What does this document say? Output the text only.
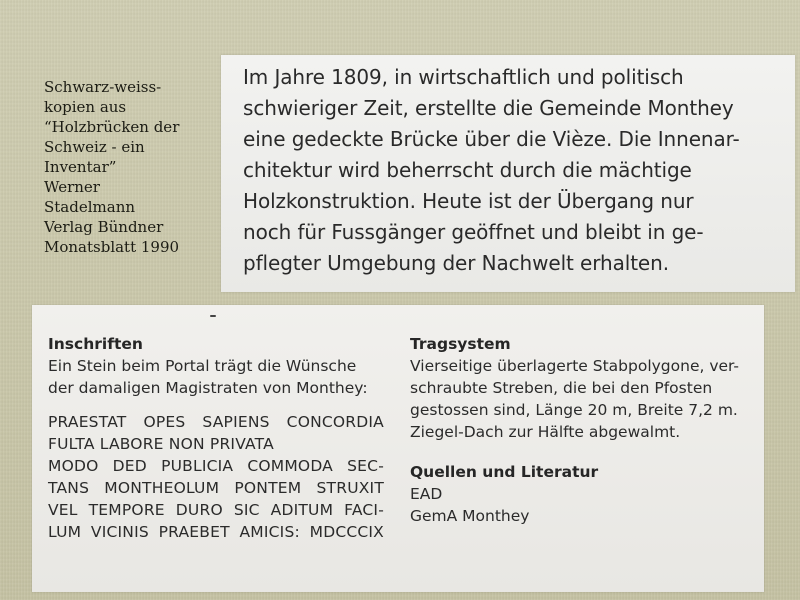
Schwarz-weiss-
kopien aus
“Holzbrücken der
Schweiz - ein
Inventar”
Werner
Stadelmann
Verlag Bündner
Monatsblatt 1990
Im Jahre 1809, in wirtschaftlich und politisch
schwieriger Zeit, erstellte die Gemeinde Monthey
eine gedeckte Brücke über die Vièze. Die Innenar-
chitektur wird beherrscht durch die mächtige
Holzkonstruktion. Heute ist der Übergang nur
noch für Fussgänger geöffnet und bleibt in ge-
pflegter Umgebung der Nachwelt erhalten.
Inschriften
Ein Stein beim Portal trägt die Wünsche
der damaligen Magistraten von Monthey:
PRAESTAT OPES SAPIENS CONCORDIA
FULTA LABORE NON PRIVATA
MODO DED PUBLICIA COMMODA SEC-
TANS MONTHEOLUM PONTEM STRUXIT
VEL TEMPORE DURO SIC ADITUM FACI-
LUM VICINIS PRAEBET AMICIS: MDCCCIX
Tragsystem
Vierseitige überlagerte Stabpolygone, ver-
schraubte Streben, die bei den Pfosten
gestossen sind, Länge 20 m, Breite 7,2 m.
Ziegel-Dach zur Hälfte abgewalmt.
Quellen und Literatur
EAD
GemA Monthey
